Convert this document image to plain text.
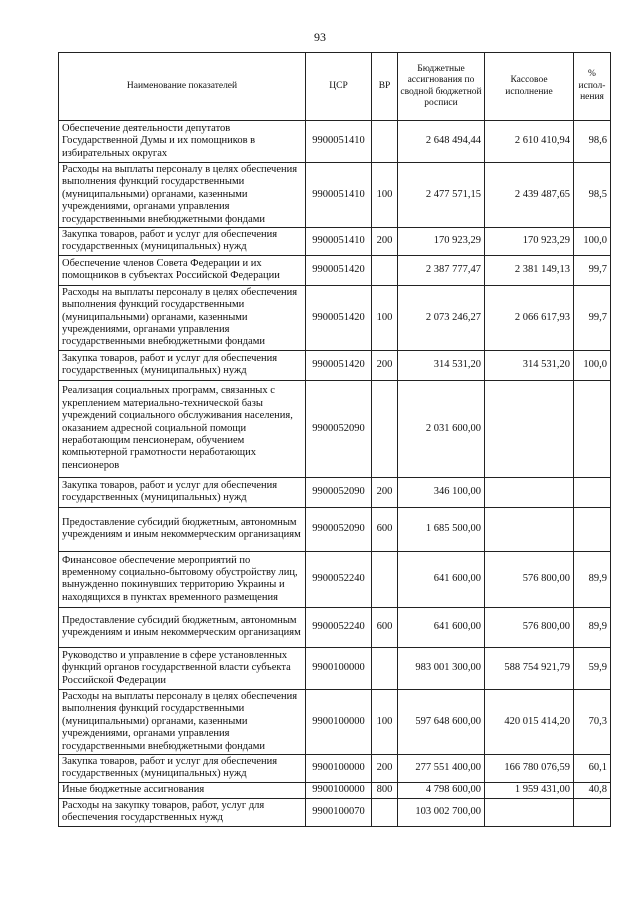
93
Наименование показателей	ЦСР	ВР	Бюджетные ассигнования по сводной бюджетной росписи	Кассовое исполнение	% испол-нения
Обеспечение деятельности депутатов Государственной Думы и их помощников в избирательных округах	9900051410		2 648 494,44	2 610 410,94	98,6
Расходы на выплаты персоналу в целях обеспечения выполнения функций государственными (муниципальными) органами, казенными учреждениями, органами управления государственными внебюджетными фондами	9900051410	100	2 477 571,15	2 439 487,65	98,5
Закупка товаров, работ и услуг для обеспечения государственных (муниципальных) нужд	9900051410	200	170 923,29	170 923,29	100,0
Обеспечение членов Совета Федерации и их помощников в субъектах Российской Федерации	9900051420		2 387 777,47	2 381 149,13	99,7
Расходы на выплаты персоналу в целях обеспечения выполнения функций государственными (муниципальными) органами, казенными учреждениями, органами управления государственными внебюджетными фондами	9900051420	100	2 073 246,27	2 066 617,93	99,7
Закупка товаров, работ и услуг для обеспечения государственных (муниципальных) нужд	9900051420	200	314 531,20	314 531,20	100,0
Реализация социальных программ, связанных с укреплением материально-технической базы учреждений социального обслуживания населения, оказанием адресной социальной помощи неработающим пенсионерам, обучением компьютерной грамотности неработающих пенсионеров	9900052090		2 031 600,00		
Закупка товаров, работ и услуг для обеспечения государственных (муниципальных) нужд	9900052090	200	346 100,00		
Предоставление субсидий бюджетным, автономным учреждениям и иным некоммерческим организациям	9900052090	600	1 685 500,00		
Финансовое обеспечение мероприятий по временному социально-бытовому обустройству лиц, вынужденно покинувших территорию Украины и находящихся в пунктах временного размещения	9900052240		641 600,00	576 800,00	89,9
Предоставление субсидий бюджетным, автономным учреждениям и иным некоммерческим организациям	9900052240	600	641 600,00	576 800,00	89,9
Руководство и управление в сфере установленных функций органов государственной власти субъекта Российской Федерации	9900100000		983 001 300,00	588 754 921,79	59,9
Расходы на выплаты персоналу в целях обеспечения выполнения функций государственными (муниципальными) органами, казенными учреждениями, органами управления государственными внебюджетными фондами	9900100000	100	597 648 600,00	420 015 414,20	70,3
Закупка товаров, работ и услуг для обеспечения государственных (муниципальных) нужд	9900100000	200	277 551 400,00	166 780 076,59	60,1
Иные бюджетные ассигнования	9900100000	800	4 798 600,00	1 959 431,00	40,8
Расходы на закупку товаров, работ, услуг для обеспечения государственных нужд	9900100070		103 002 700,00		
